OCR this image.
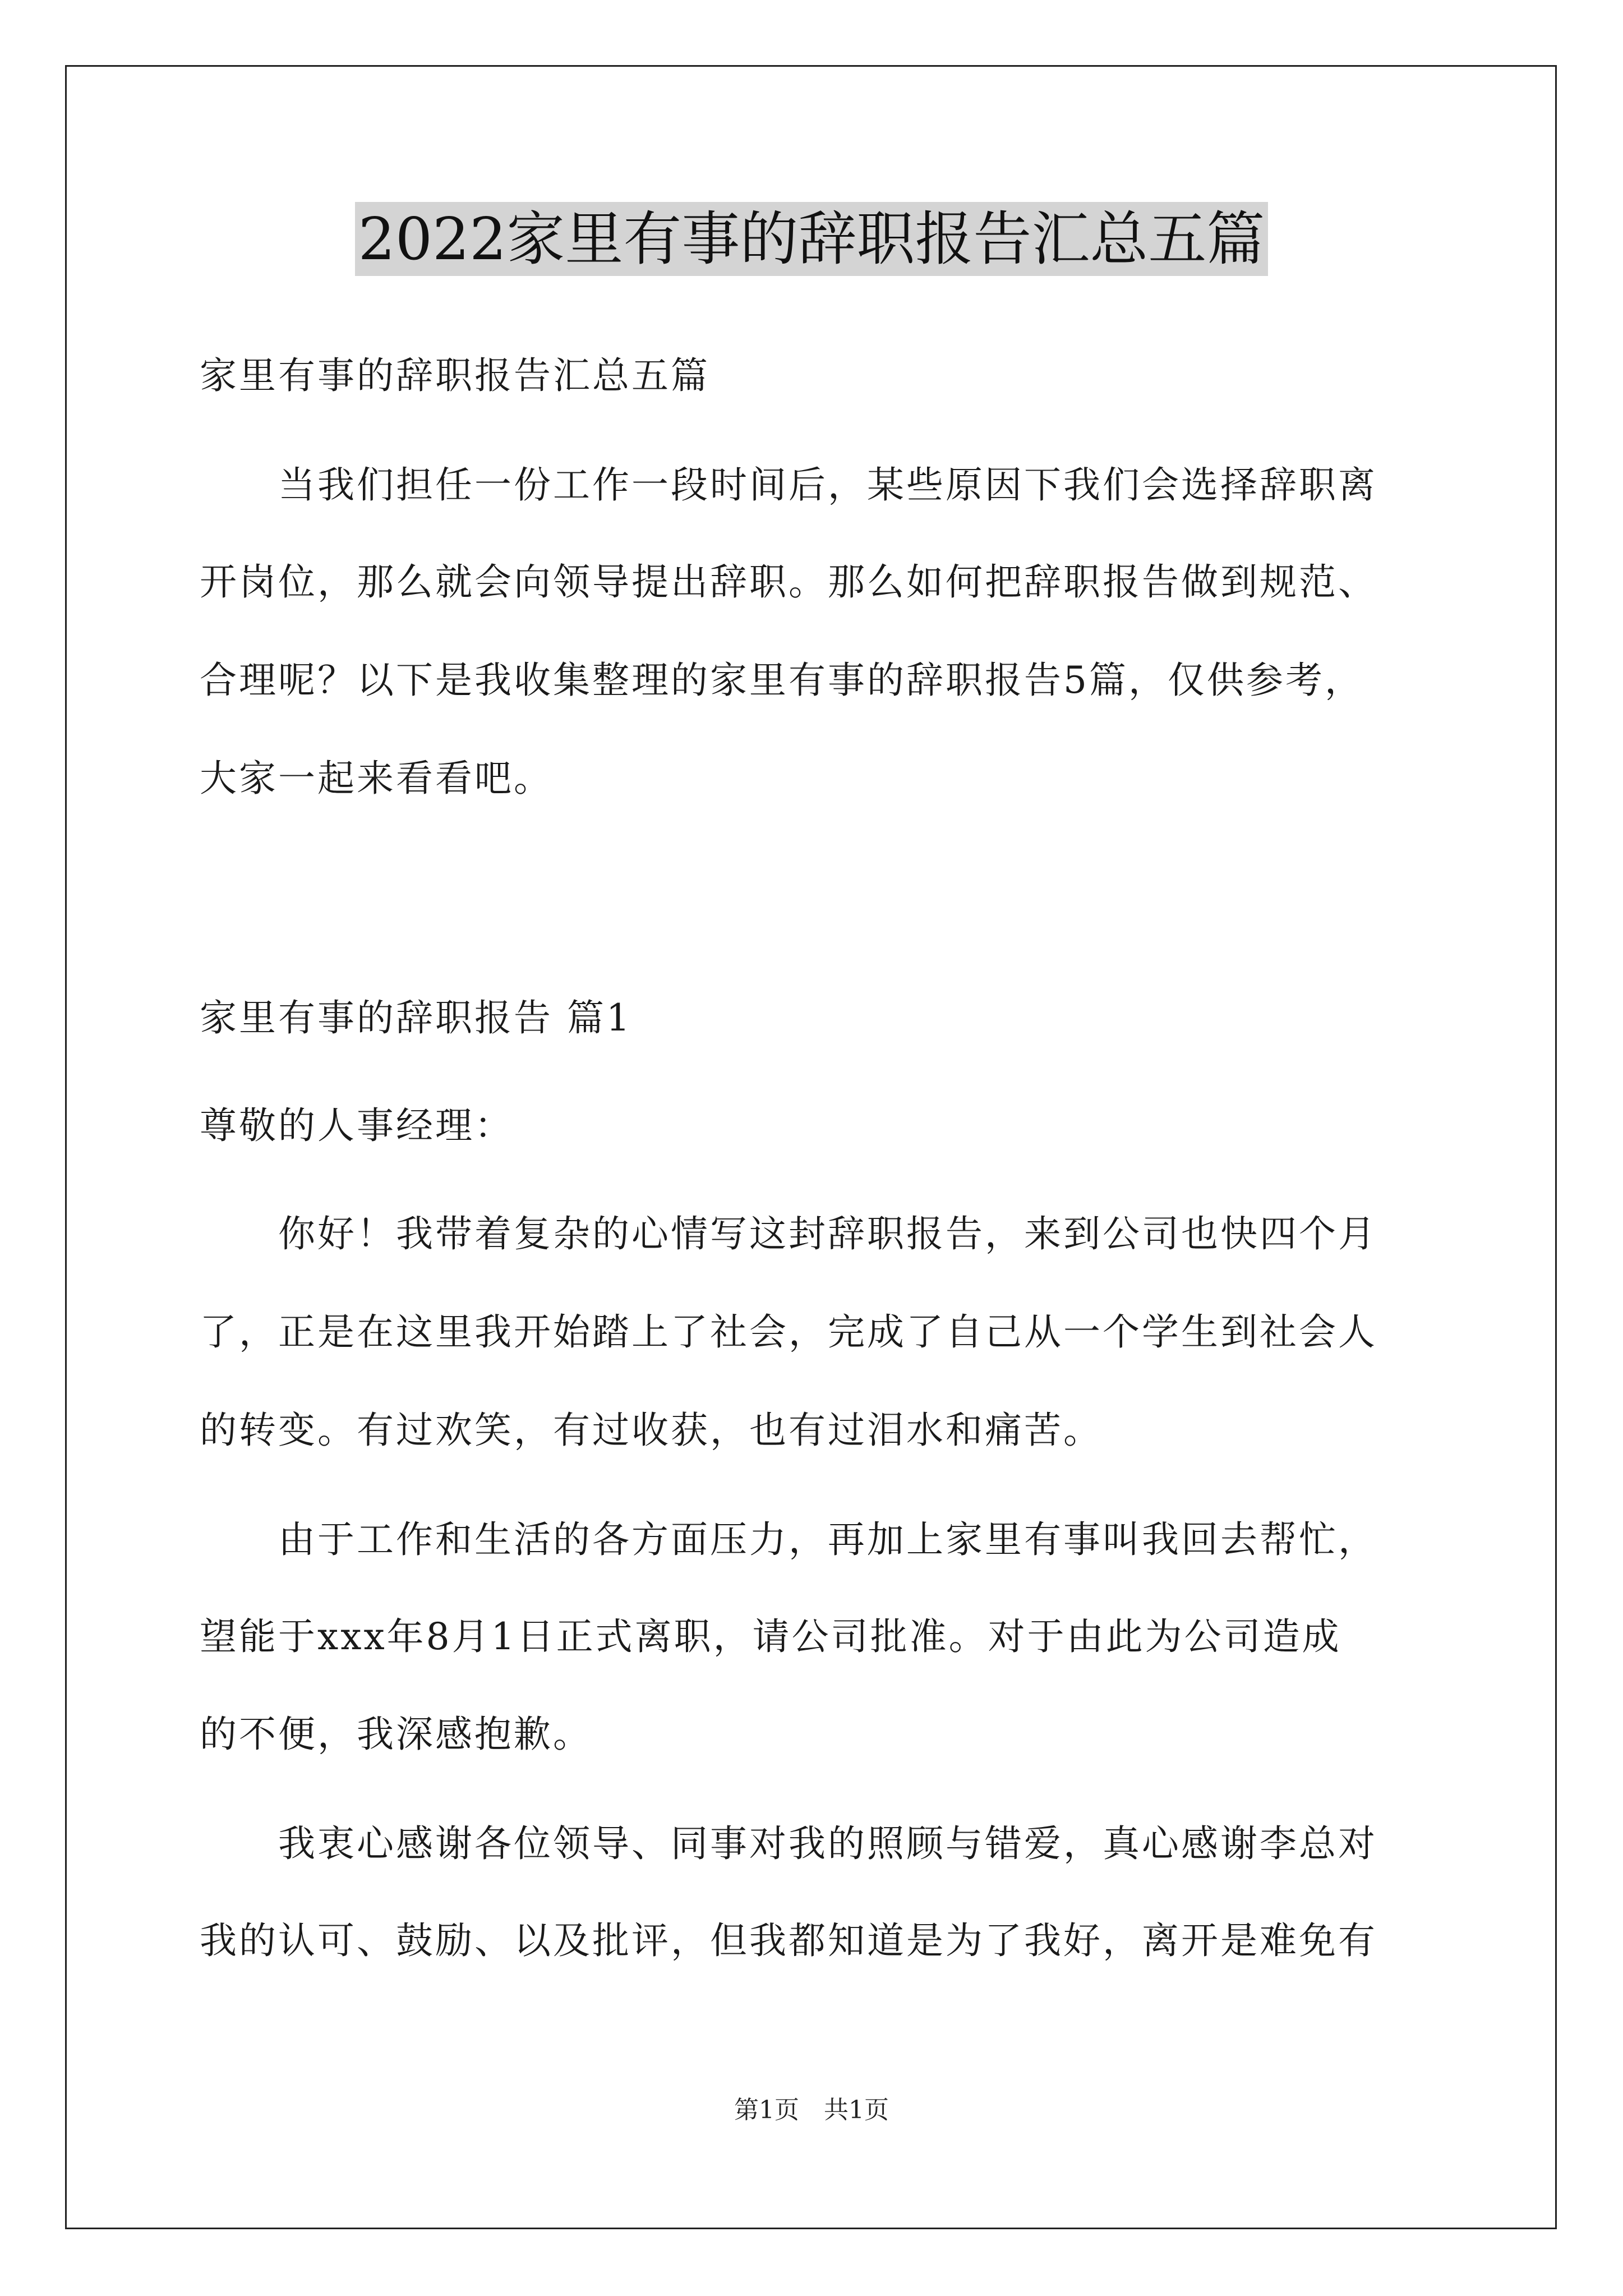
2022家里有事的辞职报告汇总五篇
家里有事的辞职报告汇总五篇
　　当我们担任一份工作一段时间后，某些原因下我们会选择辞职离
开岗位，那么就会向领导提出辞职。那么如何把辞职报告做到规范、
合理呢？以下是我收集整理的家里有事的辞职报告5篇，仅供参考，
大家一起来看看吧。
家里有事的辞职报告 篇1
尊敬的人事经理：
　　你好！我带着复杂的心情写这封辞职报告，来到公司也快四个月
了，正是在这里我开始踏上了社会，完成了自己从一个学生到社会人
的转变。有过欢笑，有过收获，也有过泪水和痛苦。
　　由于工作和生活的各方面压力，再加上家里有事叫我回去帮忙，
望能于xxx年8月1日正式离职，请公司批准。对于由此为公司造成
的不便，我深感抱歉。
　　我衷心感谢各位领导、同事对我的照顾与错爱，真心感谢李总对
我的认可、鼓励、以及批评，但我都知道是为了我好，离开是难免有
第1页　共1页
